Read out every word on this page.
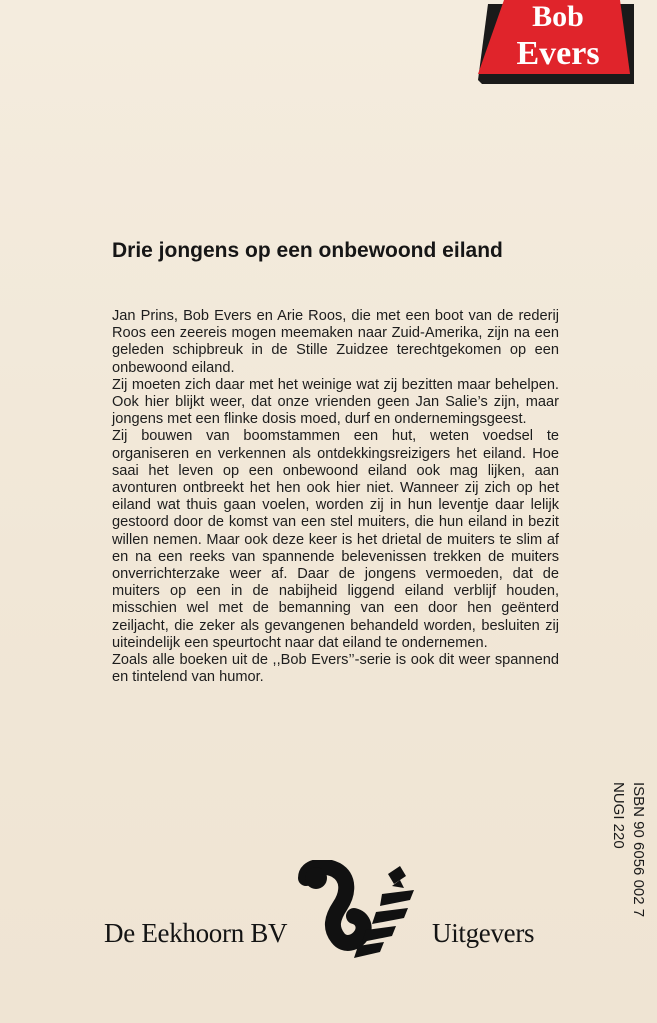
Bob
Evers
Drie jongens op een onbewoond eiland

Jan Prins, Bob Evers en Arie Roos, die met een boot van de rederij Roos een zeereis mogen meemaken naar Zuid-Amerika, zijn na een geleden schipbreuk in de Stille Zuidzee terechtgekomen op een onbewoond eiland.

Zij moeten zich daar met het weinige wat zij bezitten maar behelpen. Ook hier blijkt weer, dat onze vrienden geen Jan Salie’s zijn, maar jongens met een flinke dosis moed, durf en ondernemingsgeest.

Zij bouwen van boomstammen een hut, weten voedsel te organiseren en verkennen als ontdekkingsreizigers het eiland. Hoe saai het leven op een onbewoond eiland ook mag lijken, aan avonturen ontbreekt het hen ook hier niet. Wanneer zij zich op het eiland wat thuis gaan voelen, worden zij in hun leventje daar lelijk gestoord door de komst van een stel muiters, die hun eiland in bezit willen nemen. Maar ook deze keer is het drietal de muiters te slim af en na een reeks van spannende belevenissen trekken de muiters onverrichterzake weer af. Daar de jongens vermoeden, dat de muiters op een in de nabijheid liggend eiland verblijf houden, misschien wel met de bemanning van een door hen geënterd zeiljacht, die zeker als gevangenen behandeld worden, besluiten zij uiteindelijk een speurtocht naar dat eiland te ondernemen.

Zoals alle boeken uit de ,,Bob Evers’’-serie is ook dit weer spannend en tintelend van humor.

ISBN 90 6056 002 7
NUGI 220
De Eekhoorn BV	Uitgevers
